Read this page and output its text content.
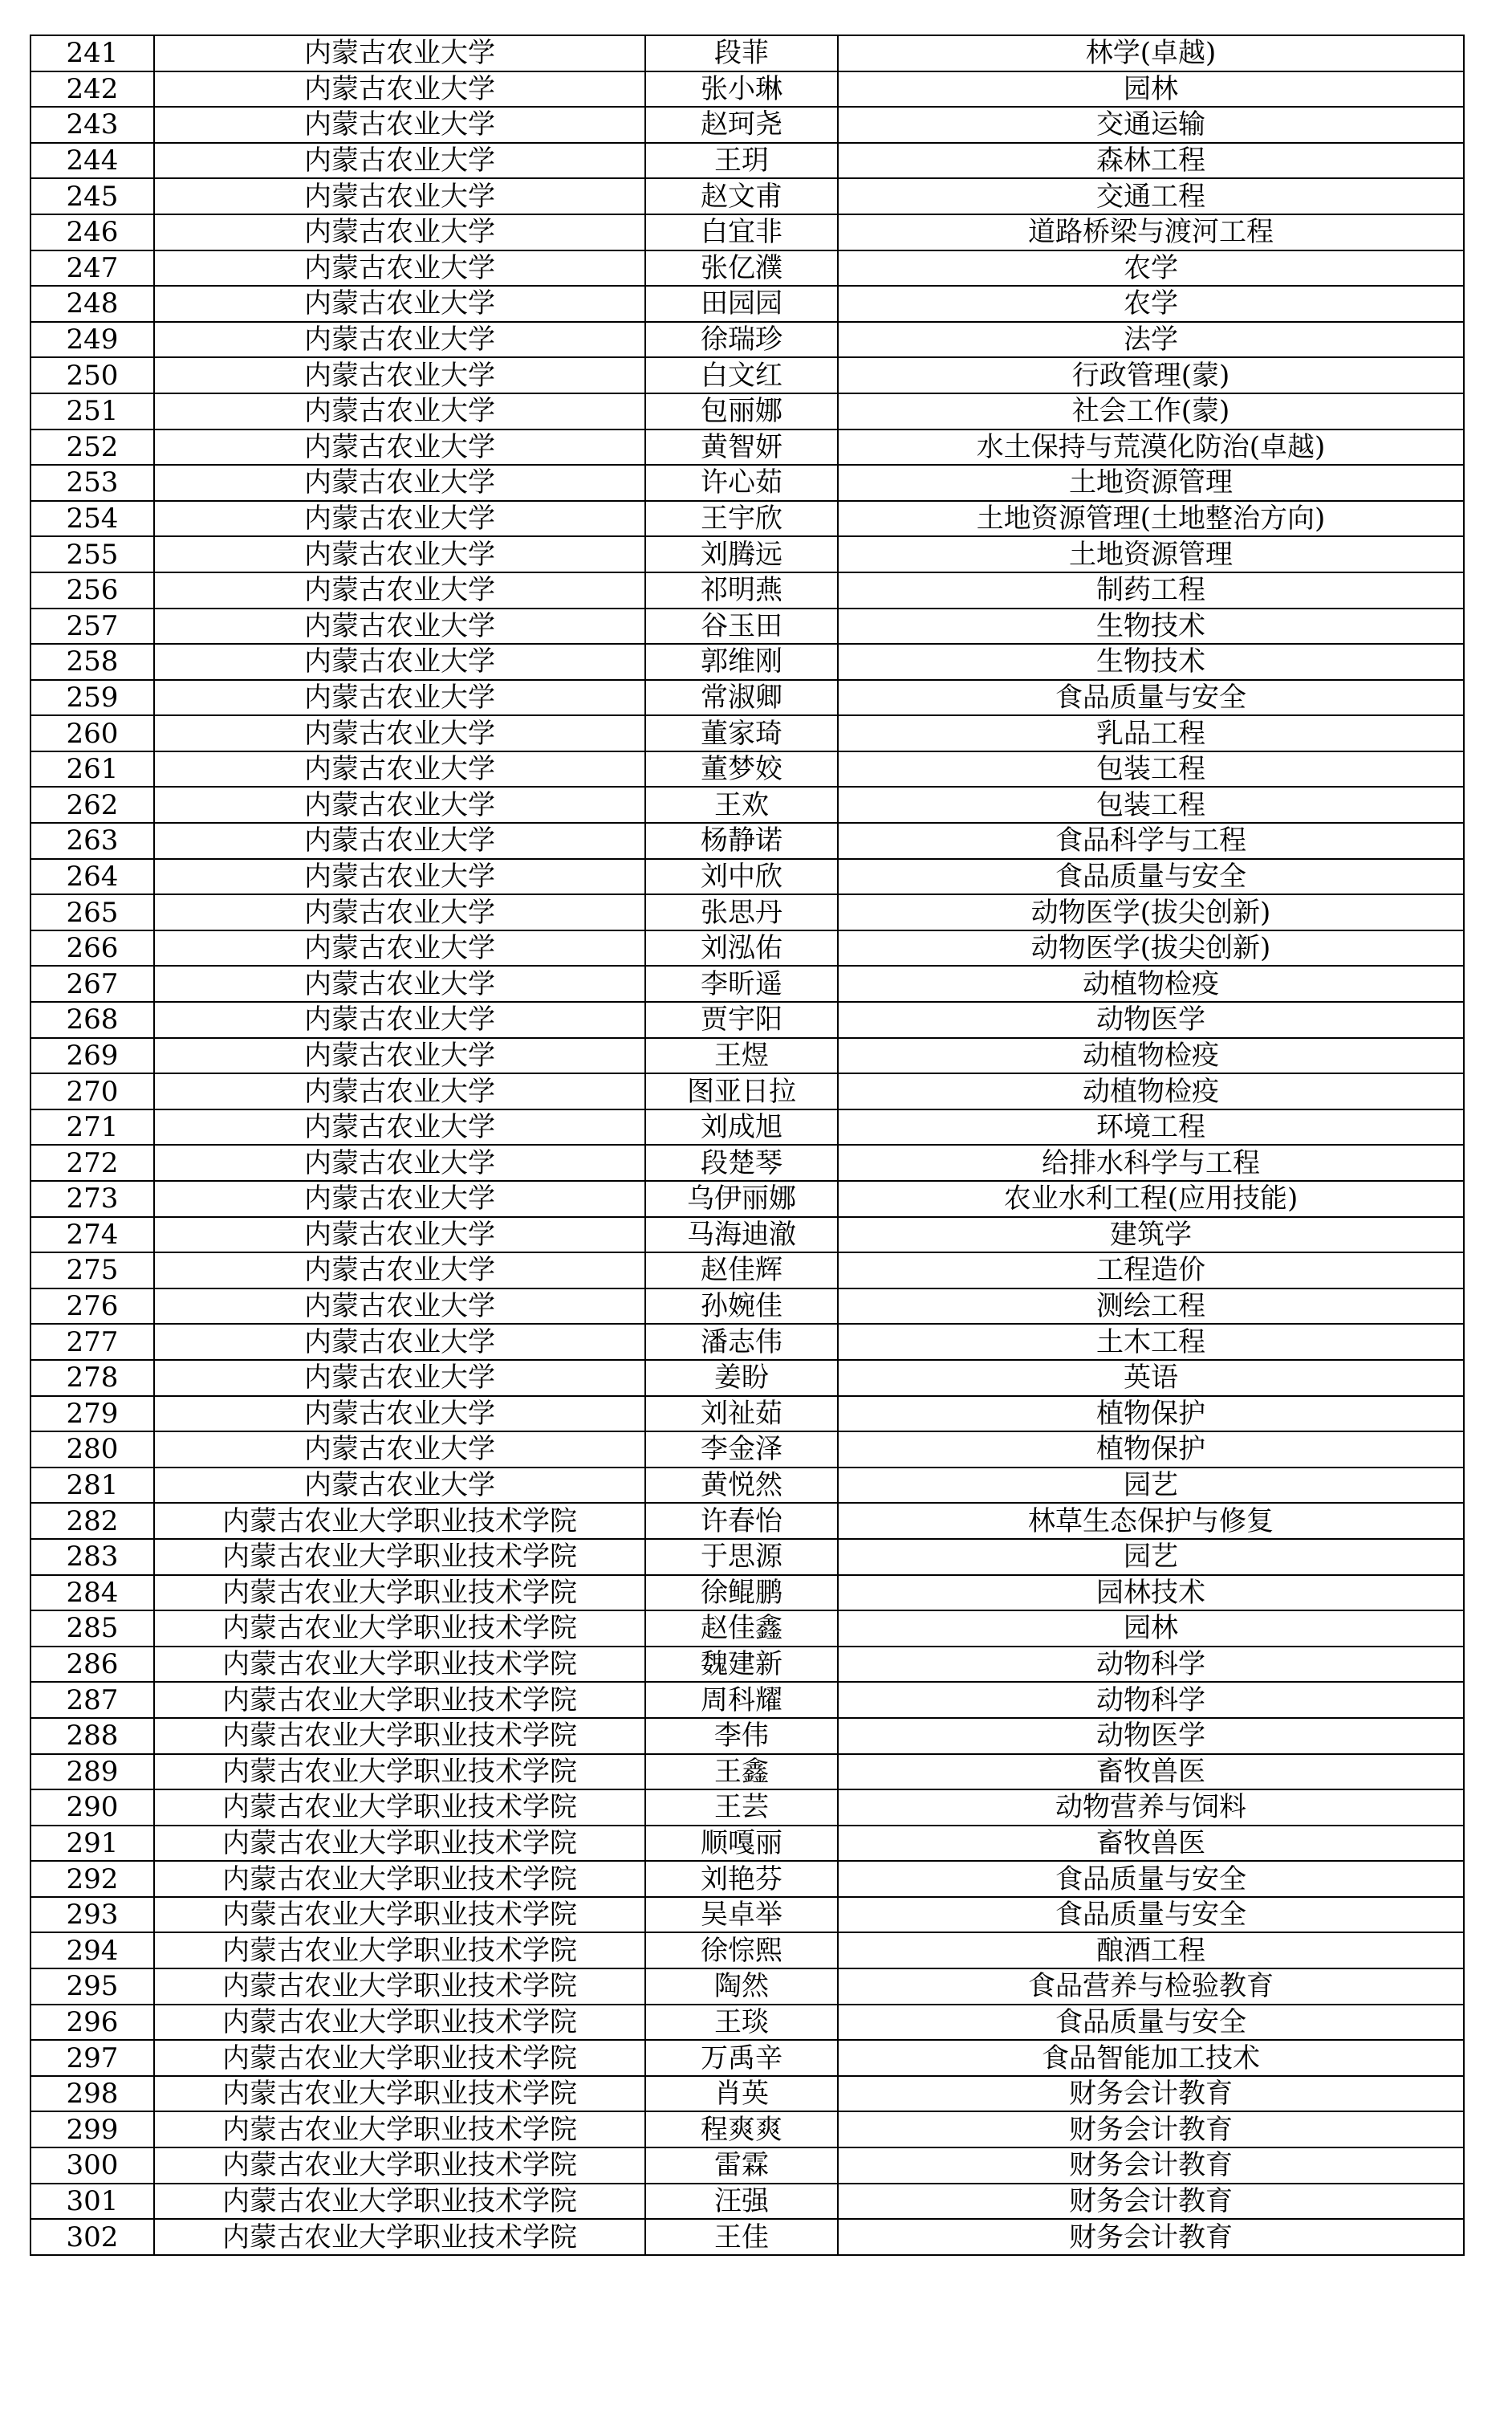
241	内蒙古农业大学	段菲	林学(卓越)
242	内蒙古农业大学	张小琳	园林
243	内蒙古农业大学	赵珂尧	交通运输
244	内蒙古农业大学	王玥	森林工程
245	内蒙古农业大学	赵文甫	交通工程
246	内蒙古农业大学	白宜非	道路桥梁与渡河工程
247	内蒙古农业大学	张亿濮	农学
248	内蒙古农业大学	田园园	农学
249	内蒙古农业大学	徐瑞珍	法学
250	内蒙古农业大学	白文红	行政管理(蒙)
251	内蒙古农业大学	包丽娜	社会工作(蒙)
252	内蒙古农业大学	黄智妍	水土保持与荒漠化防治(卓越)
253	内蒙古农业大学	许心茹	土地资源管理
254	内蒙古农业大学	王宇欣	土地资源管理(土地整治方向)
255	内蒙古农业大学	刘腾远	土地资源管理
256	内蒙古农业大学	祁明燕	制药工程
257	内蒙古农业大学	谷玉田	生物技术
258	内蒙古农业大学	郭维刚	生物技术
259	内蒙古农业大学	常淑卿	食品质量与安全
260	内蒙古农业大学	董家琦	乳品工程
261	内蒙古农业大学	董梦姣	包装工程
262	内蒙古农业大学	王欢	包装工程
263	内蒙古农业大学	杨静诺	食品科学与工程
264	内蒙古农业大学	刘中欣	食品质量与安全
265	内蒙古农业大学	张思丹	动物医学(拔尖创新)
266	内蒙古农业大学	刘泓佑	动物医学(拔尖创新)
267	内蒙古农业大学	李昕遥	动植物检疫
268	内蒙古农业大学	贾宇阳	动物医学
269	内蒙古农业大学	王煜	动植物检疫
270	内蒙古农业大学	图亚日拉	动植物检疫
271	内蒙古农业大学	刘成旭	环境工程
272	内蒙古农业大学	段楚琴	给排水科学与工程
273	内蒙古农业大学	乌伊丽娜	农业水利工程(应用技能)
274	内蒙古农业大学	马海迪澈	建筑学
275	内蒙古农业大学	赵佳辉	工程造价
276	内蒙古农业大学	孙婉佳	测绘工程
277	内蒙古农业大学	潘志伟	土木工程
278	内蒙古农业大学	姜盼	英语
279	内蒙古农业大学	刘祉茹	植物保护
280	内蒙古农业大学	李金泽	植物保护
281	内蒙古农业大学	黄悦然	园艺
282	内蒙古农业大学职业技术学院	许春怡	林草生态保护与修复
283	内蒙古农业大学职业技术学院	于思源	园艺
284	内蒙古农业大学职业技术学院	徐鲲鹏	园林技术
285	内蒙古农业大学职业技术学院	赵佳鑫	园林
286	内蒙古农业大学职业技术学院	魏建新	动物科学
287	内蒙古农业大学职业技术学院	周科耀	动物科学
288	内蒙古农业大学职业技术学院	李伟	动物医学
289	内蒙古农业大学职业技术学院	王鑫	畜牧兽医
290	内蒙古农业大学职业技术学院	王芸	动物营养与饲料
291	内蒙古农业大学职业技术学院	顺嘎丽	畜牧兽医
292	内蒙古农业大学职业技术学院	刘艳芬	食品质量与安全
293	内蒙古农业大学职业技术学院	吴卓举	食品质量与安全
294	内蒙古农业大学职业技术学院	徐悰熙	酿酒工程
295	内蒙古农业大学职业技术学院	陶然	食品营养与检验教育
296	内蒙古农业大学职业技术学院	王琰	食品质量与安全
297	内蒙古农业大学职业技术学院	万禹辛	食品智能加工技术
298	内蒙古农业大学职业技术学院	肖英	财务会计教育
299	内蒙古农业大学职业技术学院	程爽爽	财务会计教育
300	内蒙古农业大学职业技术学院	雷霖	财务会计教育
301	内蒙古农业大学职业技术学院	汪强	财务会计教育
302	内蒙古农业大学职业技术学院	王佳	财务会计教育
